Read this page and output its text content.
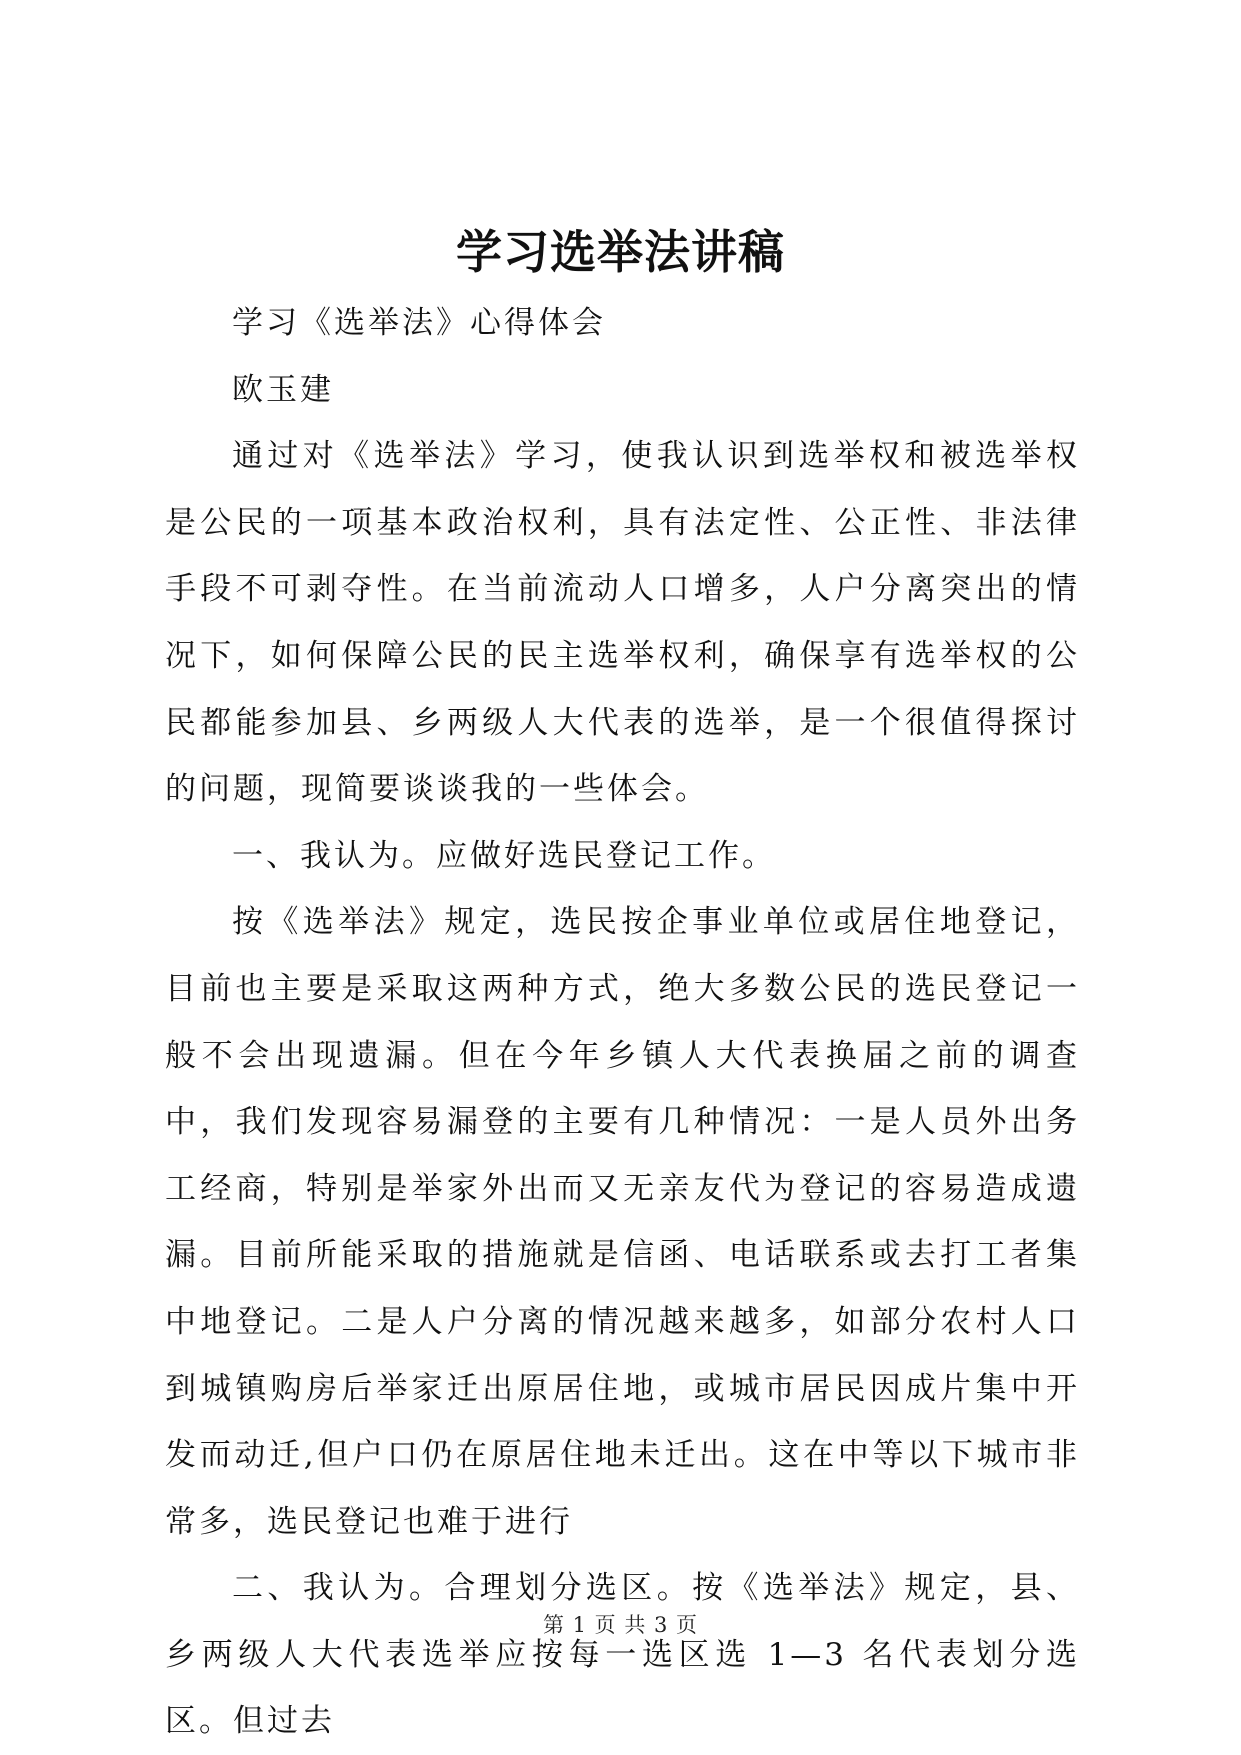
学习选举法讲稿

学习《选举法》心得体会

欧玉建

通过对《选举法》学习，使我认识到选举权和被选举权是公民的一项基本政治权利，具有法定性、公正性、非法律手段不可剥夺性。在当前流动人口增多，人户分离突出的情况下，如何保障公民的民主选举权利，确保享有选举权的公民都能参加县、乡两级人大代表的选举，是一个很值得探讨的问题，现简要谈谈我的一些体会。

一、我认为。应做好选民登记工作。

按《选举法》规定，选民按企事业单位或居住地登记，目前也主要是采取这两种方式，绝大多数公民的选民登记一般不会出现遗漏。但在今年乡镇人大代表换届之前的调查中，我们发现容易漏登的主要有几种情况：一是人员外出务工经商，特别是举家外出而又无亲友代为登记的容易造成遗漏。目前所能采取的措施就是信函、电话联系或去打工者集中地登记。二是人户分离的情况越来越多，如部分农村人口到城镇购房后举家迁出原居住地，或城市居民因成片集中开发而动迁,但户口仍在原居住地未迁出。这在中等以下城市非常多，选民登记也难于进行

二、我认为。合理划分选区。按《选举法》规定，县、乡两级人大代表选举应按每一选区选 1—3 名代表划分选区。但过去

第 1 页 共 3 页
